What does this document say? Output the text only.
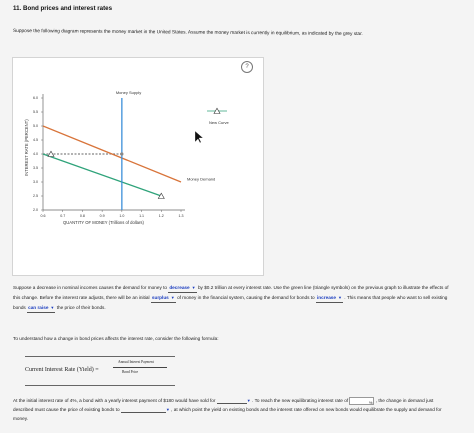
11. Bond prices and interest rates
Suppose the following diagram represents the money market in the United States. Assume the money market is currently in equilibrium, as indicated by the grey star.
6.0
5.5
5.0
4.5
4.0
3.5
3.0
2.5
2.0
0.6	0.7	0.8	0.9	1.0	1.1	1.2	1.3
INTEREST RATE (PERCENT)
QUANTITY OF MONEY (Trillions of dollars)
Money Supply
Money Demand
New Curve
?
Suppose a decrease in nominal incomes causes the demand for money to decrease ▼ by $0.2 trillion at every interest rate. Use the green line (triangle symbols) on the previous graph to illustrate the effects of this change. Before the interest rate adjusts, there will be an initial surplus ▼ of money in the financial system, causing the demand for bonds to increase ▼ . This means that people who want to sell existing bonds can raise ▼ the price of their bonds.
To understand how a change in bond prices affects the interest rate, consider the following formula:
Current Interest Rate (Yield) =
Annual Interest Payment
Bond Price
At the initial interest rate of 4%, a bond with a yearly interest payment of $180 would have sold for	▼ . To reach the new equilibrating interest rate of	% , the change in demand just described must cause the price of existing bonds to	▼ , at which point the yield on existing bonds and the interest rate offered on new bonds would equilibrate the supply and demand for money.
